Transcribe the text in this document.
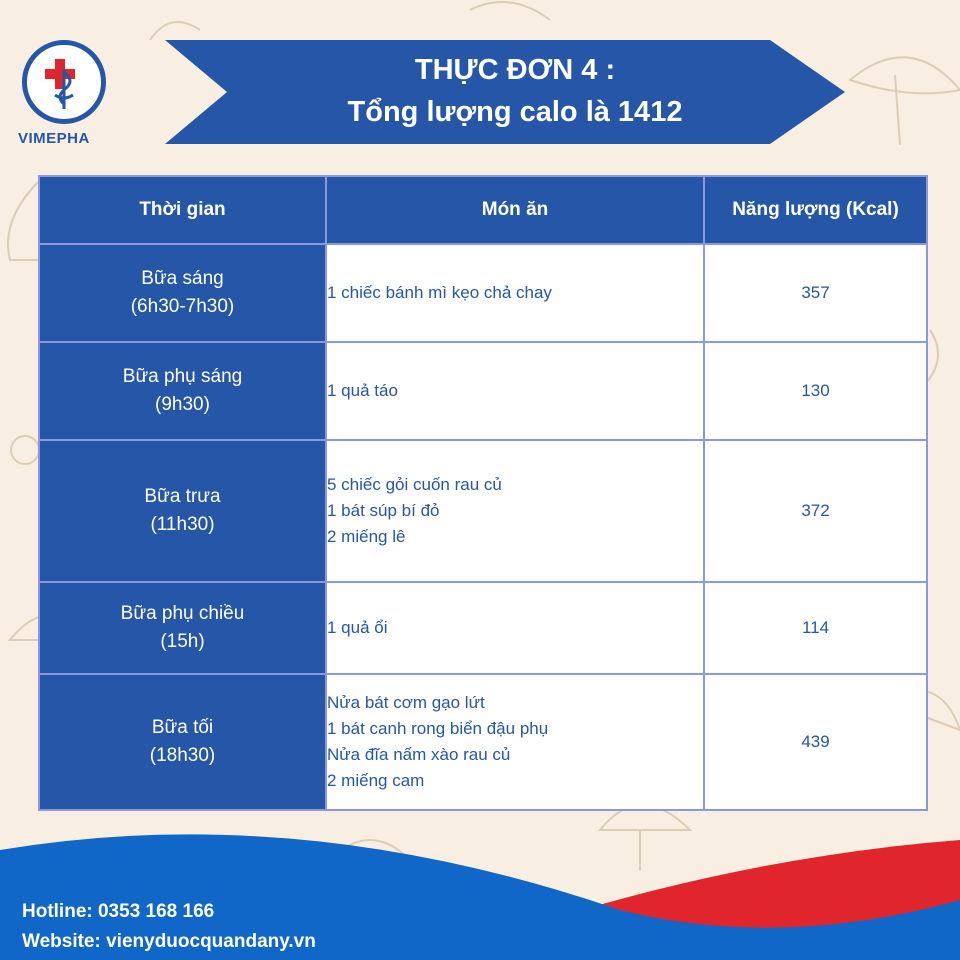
VIMEPHA
THỰC ĐƠN 4 :
Tổng lượng calo là 1412
Thời gian	Món ăn	Năng lượng (Kcal)

Bữa sáng
(6h30-7h30)	1 chiếc bánh mì kẹo chả chay	357

Bữa phụ sáng
(9h30)	1 quả táo	130

Bữa trưa
(11h30)	5 chiếc gỏi cuốn rau củ
1 bát súp bí đỏ
2 miếng lê	372

Bữa phụ chiều
(15h)	1 quả ổi	114

Bữa tối
(18h30)	Nửa bát cơm gạo lứt
1 bát canh rong biển đậu phụ
Nửa đĩa nấm xào rau củ
2 miếng cam	439
Hotline: 0353 168 166
Website: vienyduocquandany.vn
